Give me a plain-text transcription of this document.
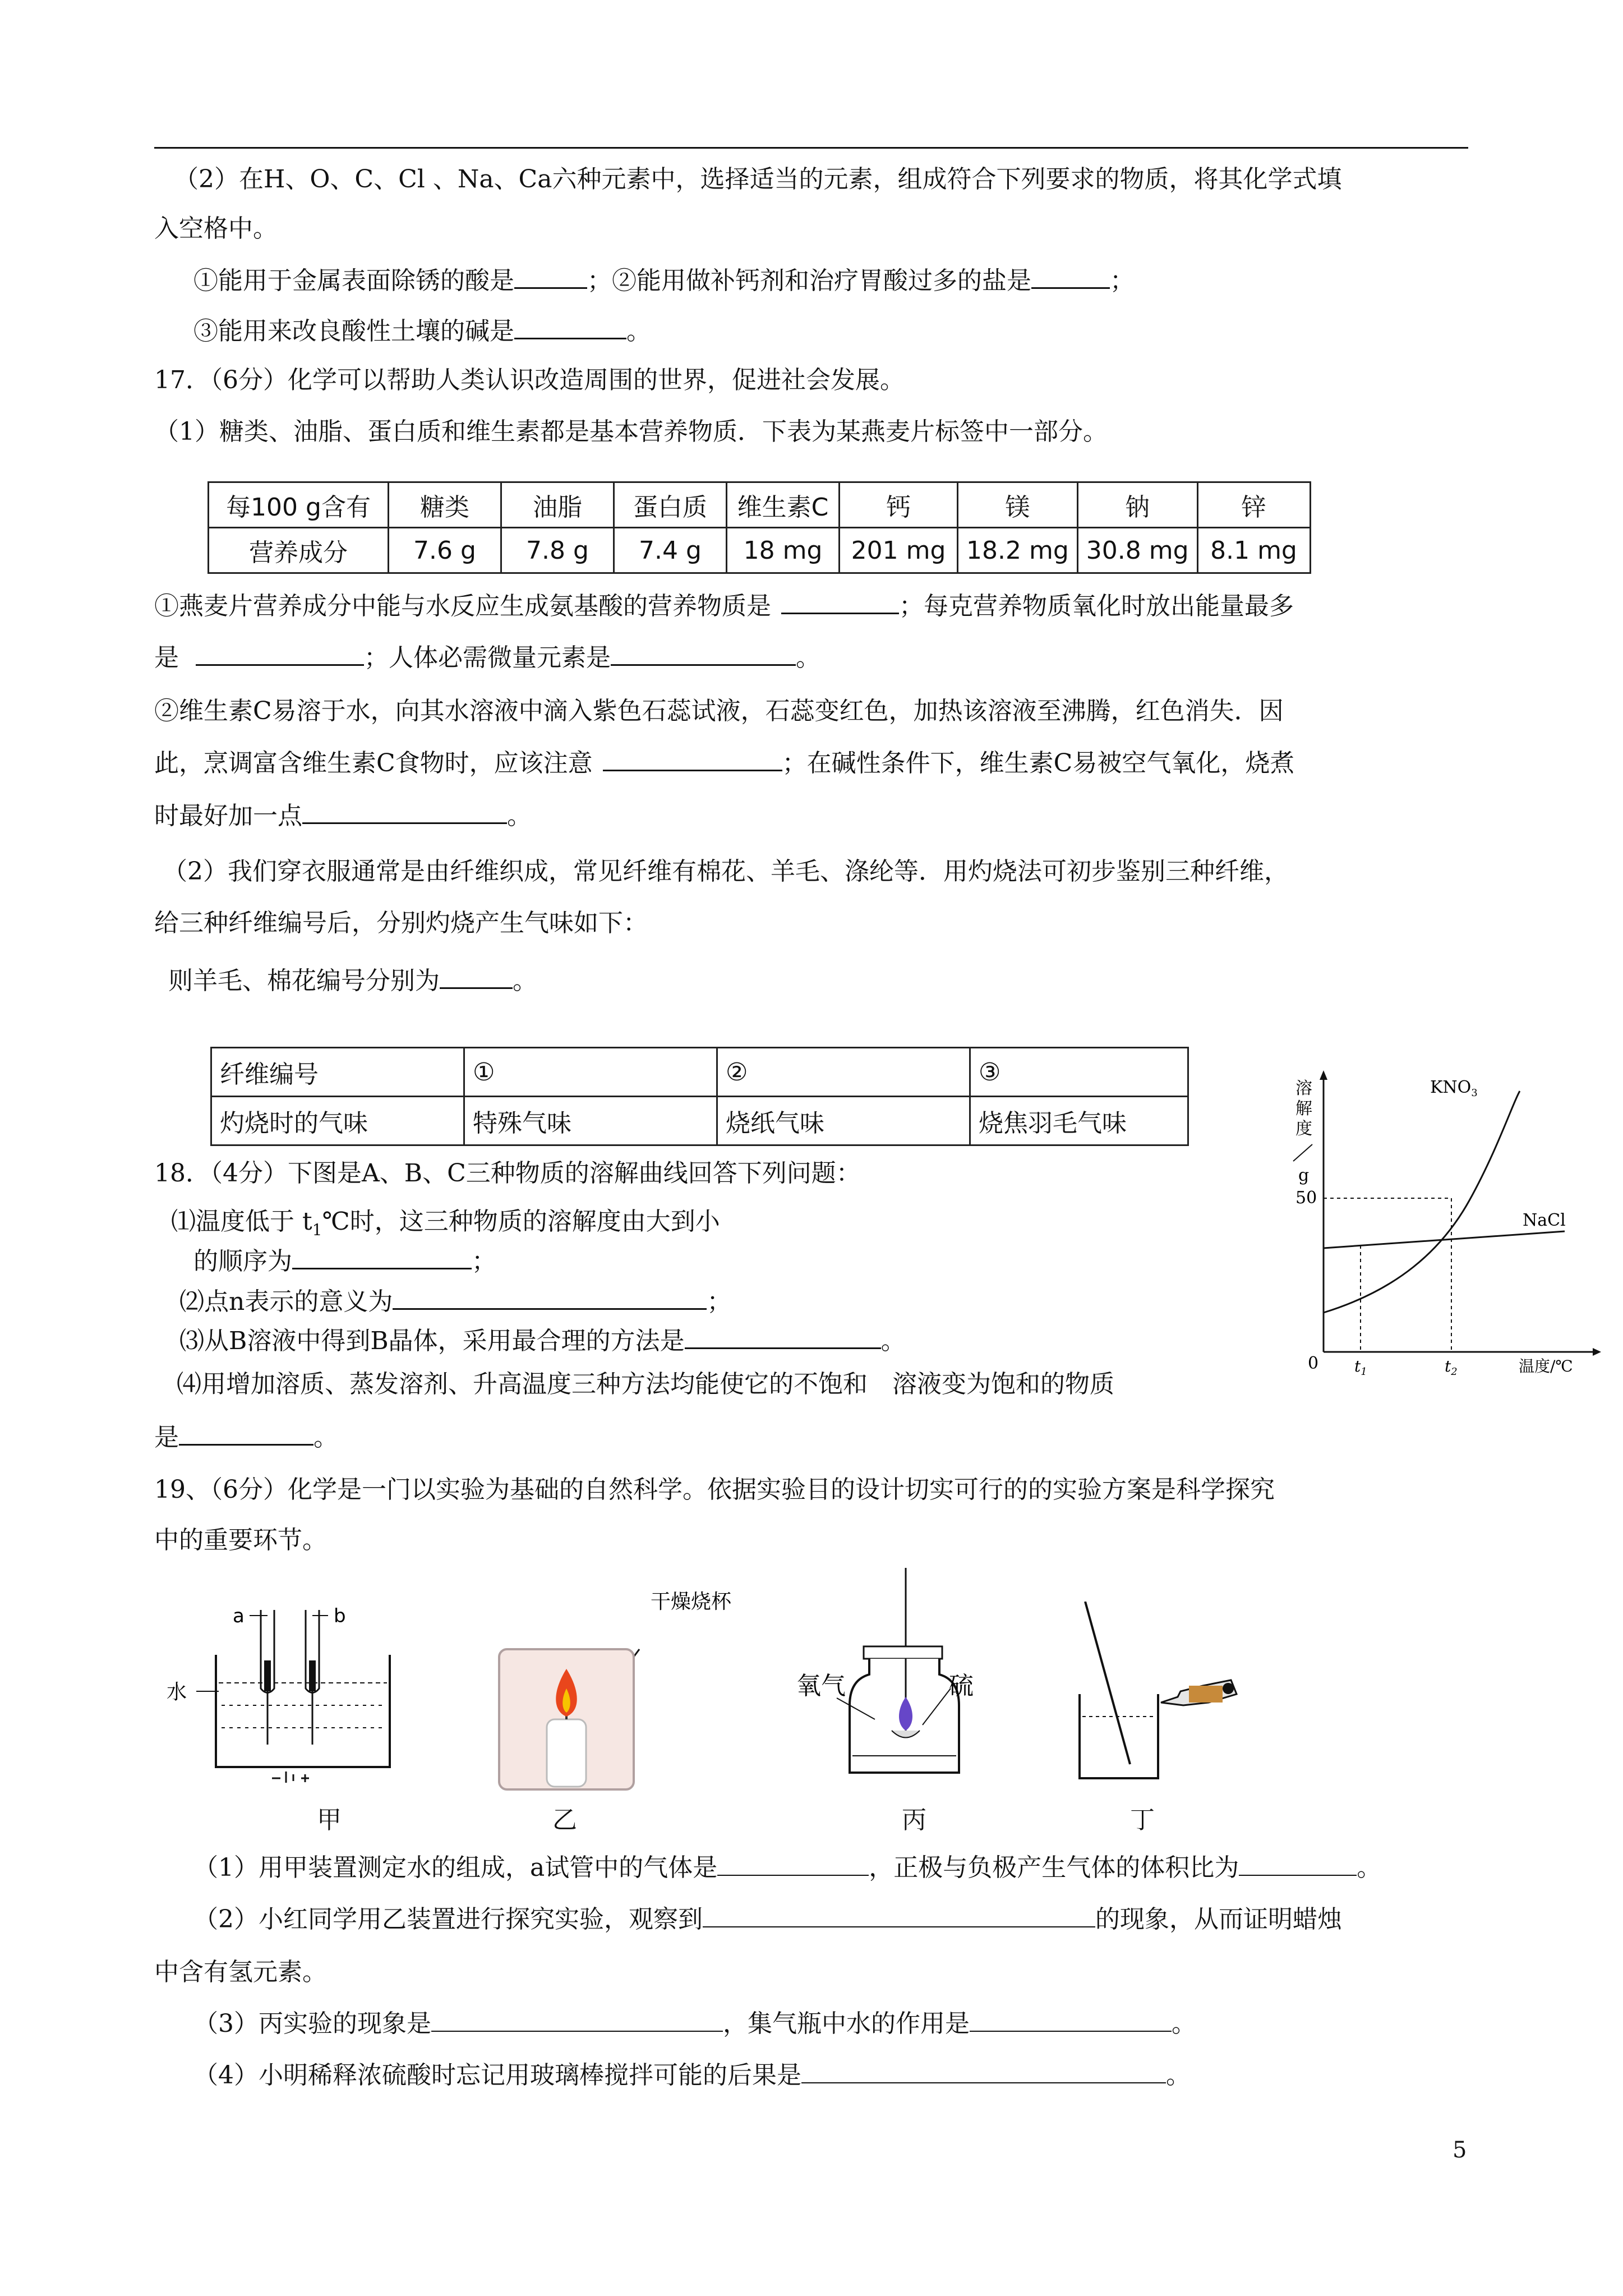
（2）在H、O、C、Cl 、Na、Ca六种元素中，选择适当的元素，组成符合下列要求的物质，将其化学式填
入空格中。
①能用于金属表面除锈的酸是	；②能用做补钙剂和治疗胃酸过多的盐是	；
③能用来改良酸性土壤的碱是	。
17．（6分）化学可以帮助人类认识改造周围的世界，促进社会发展。
（1）糖类、油脂、蛋白质和维生素都是基本营养物质．下表为某燕麦片标签中一部分。
每100 g含有	糖类	油脂	蛋白质	维生素C	钙	镁	钠	锌
营养成分	7.6 g	7.8 g	7.4 g	18 mg	201 mg	18.2 mg	30.8 mg	8.1 mg
①燕麦片营养成分中能与水反应生成氨基酸的营养物质是	；每克营养物质氧化时放出能量最多
是	；人体必需微量元素是	。
②维生素C易溶于水，向其水溶液中滴入紫色石蕊试液，石蕊变红色，加热该溶液至沸腾，红色消失．因
此，烹调富含维生素C食物时，应该注意	；在碱性条件下，维生素C易被空气氧化，烧煮
时最好加一点	。
（2）我们穿衣服通常是由纤维织成，常见纤维有棉花、羊毛、涤纶等．用灼烧法可初步鉴别三种纤维，
给三种纤维编号后，分别灼烧产生气味如下：
则羊毛、棉花编号分别为	。
纤维编号	①	②	③
灼烧时的气味	特殊气味	烧纸气味	烧焦羽毛气味
溶解度
g
50
0 $t_1$	$t_2$	温度/℃
$KNO_3$
NaCl
18．（4分）下图是A、B、C三种物质的溶解曲线回答下列问题：
⑴温度低于 $t_1℃$时，这三种物质的溶解度由大到小
的顺序为	；
⑵点n表示的意义为	；
⑶从B溶液中得到B晶体，采用最合理的方法是	。
⑷用增加溶质、蒸发溶剂、升高温度三种方法均能使它的不饱和　溶液变为饱和的物质
是	。
19、（6分）化学是一门以实验为基础的自然科学。依据实验目的设计切实可行的的实验方案是科学探究
中的重要环节。
a	b
水
干燥烧杯
氧气	硫
甲	乙	丙	丁
（1）用甲装置测定水的组成，a试管中的气体是	，正极与负极产生气体的体积比为	。
（2）小红同学用乙装置进行探究实验，观察到	的现象，从而证明蜡烛
中含有氢元素。
（3）丙实验的现象是	，集气瓶中水的作用是	。
（4）小明稀释浓硫酸时忘记用玻璃棒搅拌可能的后果是	。
5
